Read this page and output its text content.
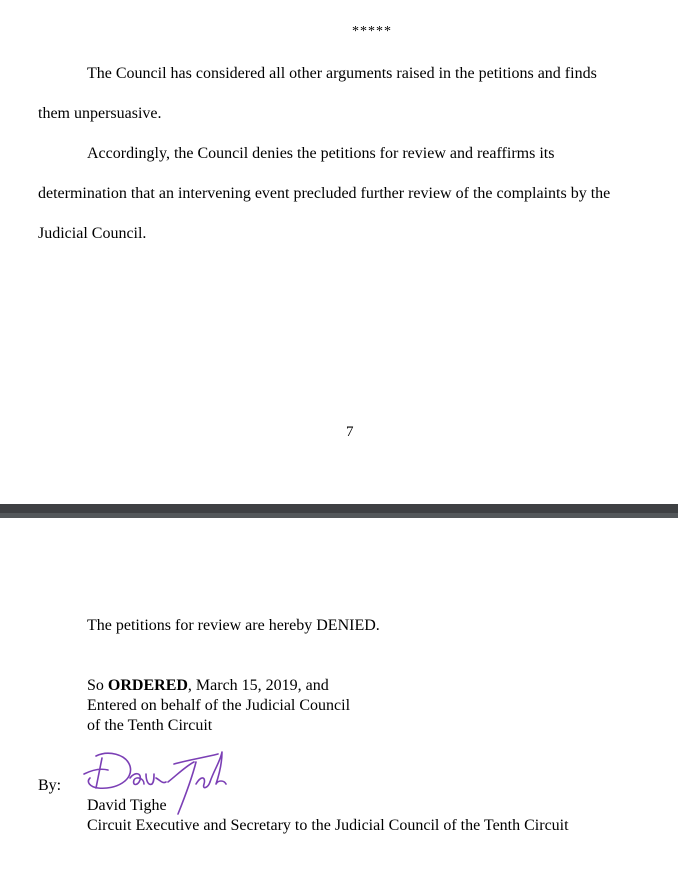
*****
The Council has considered all other arguments raised in the petitions and finds
them unpersuasive.
Accordingly, the Council denies the petitions for review and reaffirms its
determination that an intervening event precluded further review of the complaints by the
Judicial Council.
7
The petitions for review are hereby DENIED.
So ORDERED, March 15, 2019, and
Entered on behalf of the Judicial Council
of the Tenth Circuit
By:
David Tighe
Circuit Executive and Secretary to the Judicial Council of the Tenth Circuit
